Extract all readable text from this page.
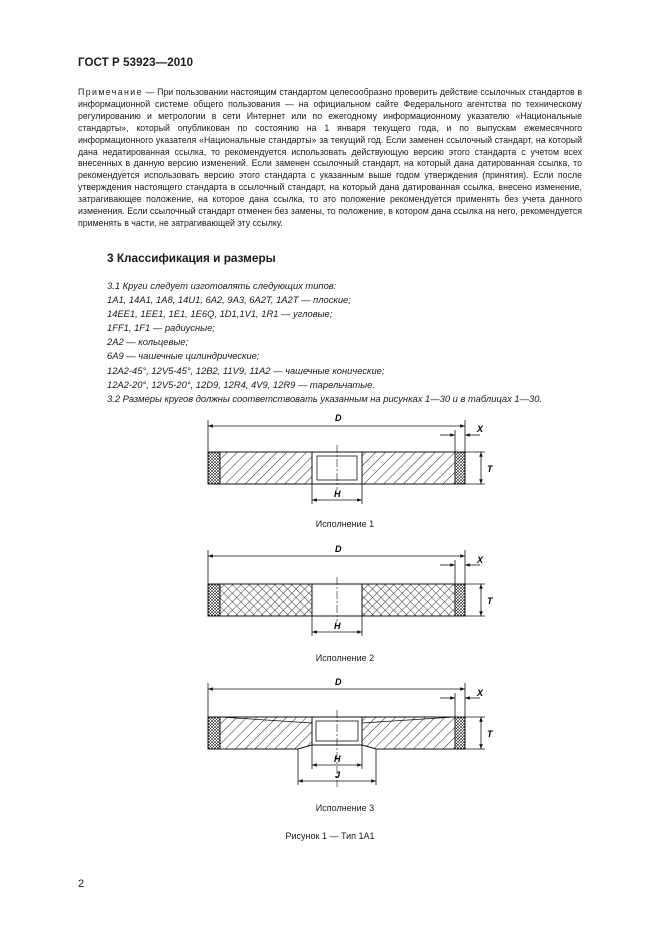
ГОСТ Р 53923—2010
Примечание — При пользовании настоящим стандартом целесообразно проверить действие ссылочных стандартов в информационной системе общего пользования — на официальном сайте Федерального агентства по техническому регулированию и метрологии в сети Интернет или по ежегодному информационному указателю «Национальные стандарты», который опубликован по состоянию на 1 января текущего года, и по выпускам ежемесячного информационного указателя «Национальные стандарты» за текущий год. Если заменен ссылочный стандарт, на который дана недатированная ссылка, то рекомендуется использовать действующую версию этого стандарта с учетом всех внесенных в данную версию изменений. Если заменен ссылочный стандарт, на который дана датированная ссылка, то рекомендуется использовать версию этого стандарта с указанным выше годом утверждения (принятия). Если после утверждения настоящего стандарта в ссылочный стандарт, на который дана датированная ссылка, внесено изменение, затрагивающее положение, на которое дана ссылка, то это положение рекомендуется применять без учета данного изменения. Если ссылочный стандарт отменен без замены, то положение, в котором дана ссылка на него, рекомендуется применять в части, не затрагивающей эту ссылку.
3 Классификация и размеры
3.1 Круги следует изготовлять следующих типов:
1А1, 14А1, 1А8, 14U1, 6А2, 9А3, 6А2Т, 1А2Т — плоские;
14ЕЕ1, 1ЕЕ1, 1Е1, 1E6Q, 1D1,1V1, 1R1 — угловые;
1FF1, 1F1 — радиусные;
2А2 — кольцевые;
6А9 — чашечные цилиндрические;
12А2-45°, 12V5-45°, 12В2, 11V9, 11А2 — чашечные конические;
12А2-20°, 12V5-20°, 12D9, 12R4, 4V9, 12R9 — тарельчатые.
3.2 Размеры кругов должны соответствовать указанным на рисунках 1—30 и в таблицах 1—30.
D
X
T
H
Исполнение 1
D
X
T
H
Исполнение 2
D
X
T
H
J
Исполнение 3
Рисунок 1 — Тип 1А1
2
